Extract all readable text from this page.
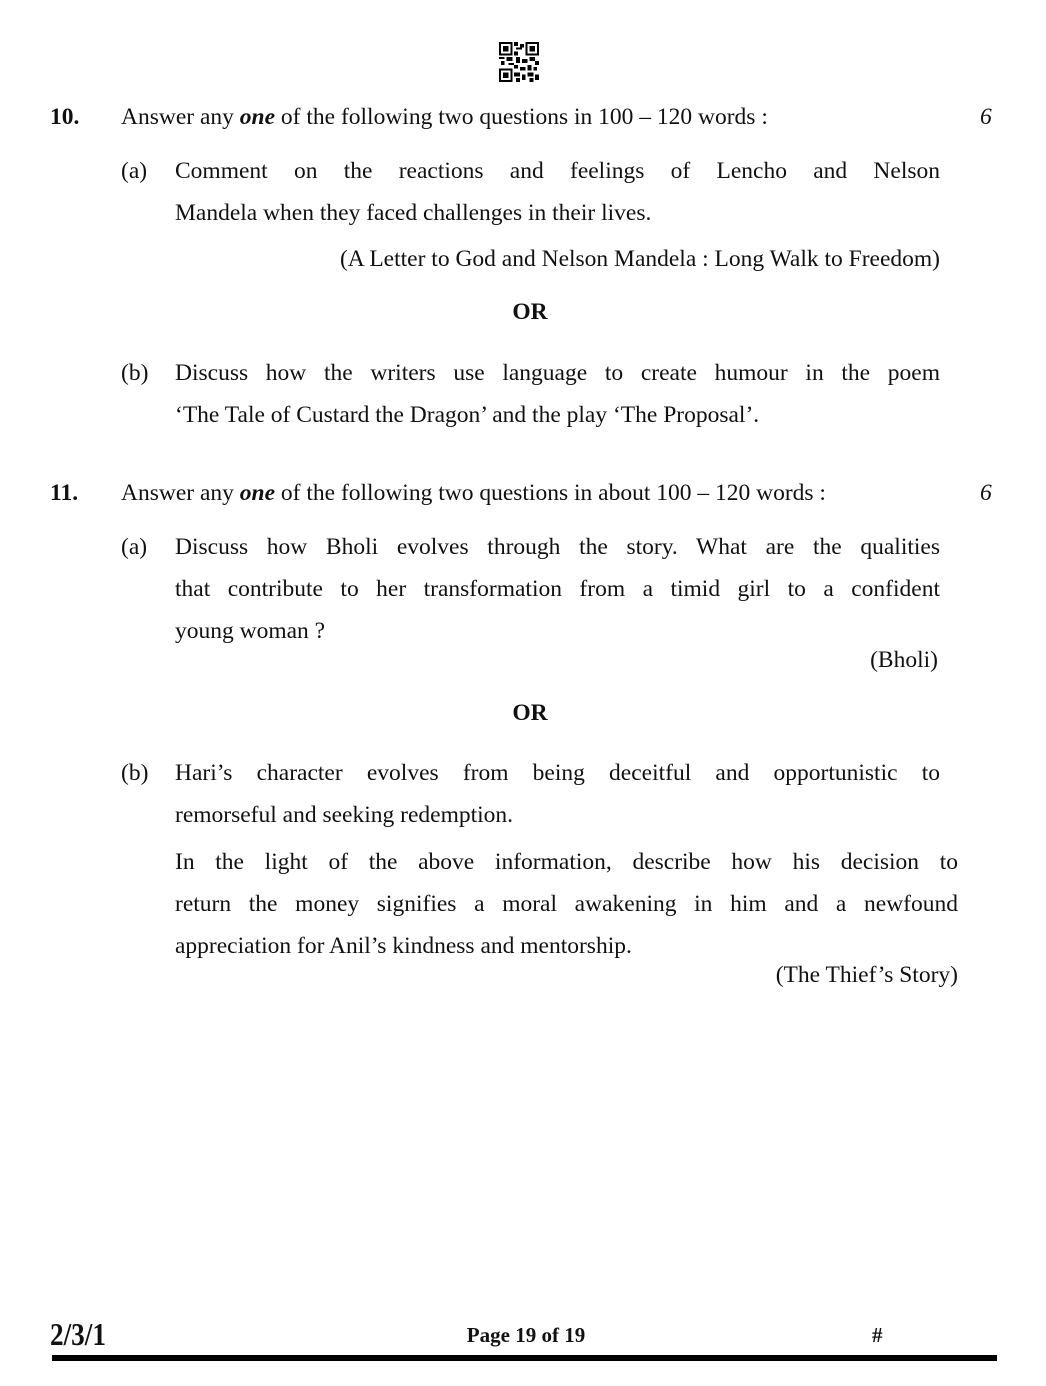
10. Answer any one of the following two questions in 100 – 120 words :	6
(a) Comment on the reactions and feelings of Lencho and Nelson
Mandela when they faced challenges in their lives.
(A Letter to God and Nelson Mandela : Long Walk to Freedom)
OR
(b) Discuss how the writers use language to create humour in the poem
‘The Tale of Custard the Dragon’ and the play ‘The Proposal’.
11. Answer any one of the following two questions in about 100 – 120 words :	6
(a) Discuss how Bholi evolves through the story. What are the qualities
that contribute to her transformation from a timid girl to a confident
young woman ?
(Bholi)
OR
(b) Hari’s character evolves from being deceitful and opportunistic to
remorseful and seeking redemption.
In the light of the above information, describe how his decision to
return the money signifies a moral awakening in him and a newfound
appreciation for Anil’s kindness and mentorship.
(The Thief’s Story)
2/3/1	Page 19 of 19	#
